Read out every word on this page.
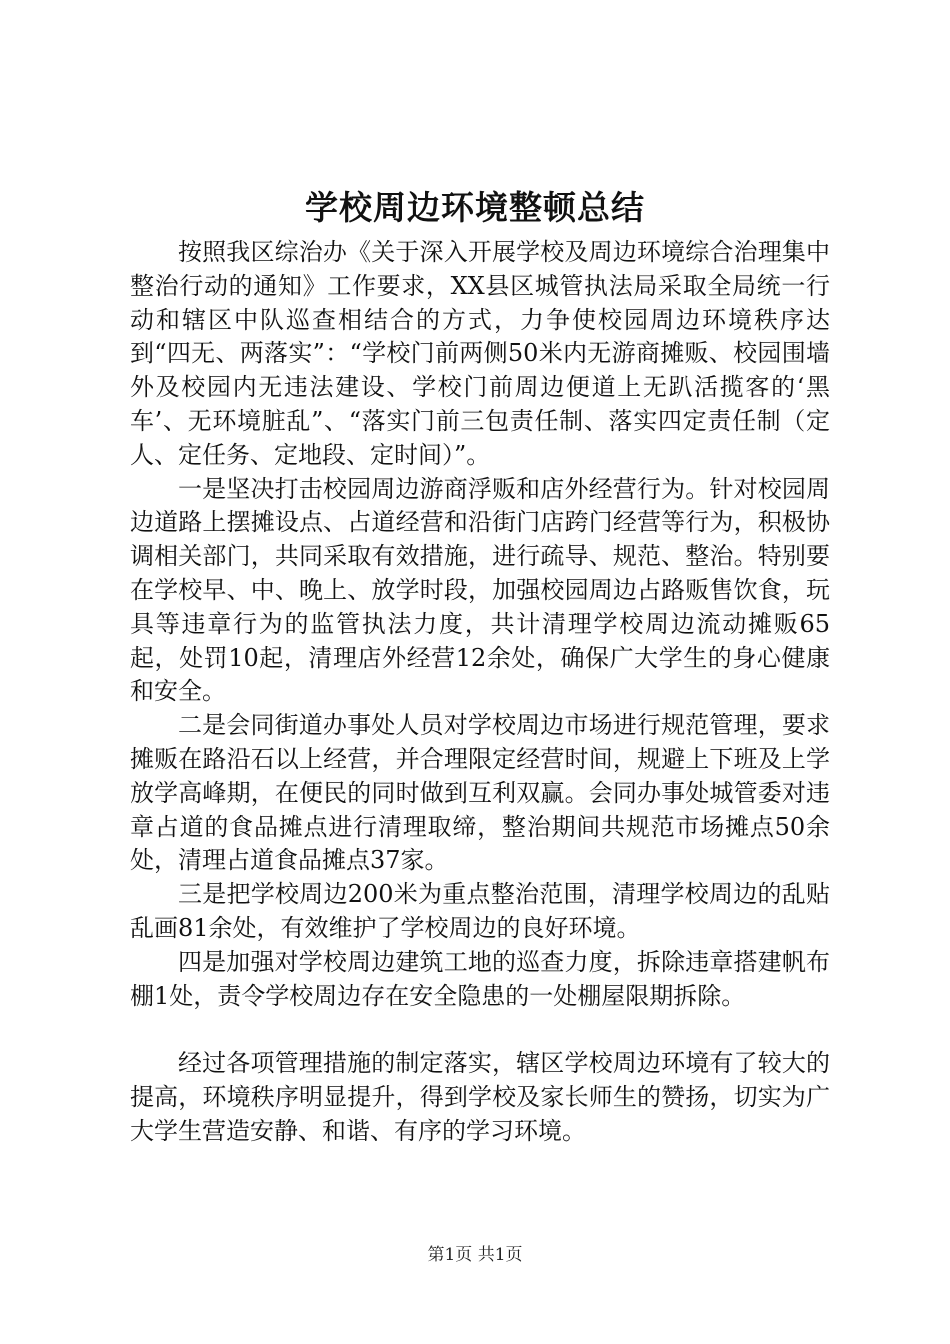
学校周边环境整顿总结

按照我区综治办《关于深入开展学校及周边环境综合治理集中整治行动的通知》工作要求，XX县区城管执法局采取全局统一行动和辖区中队巡查相结合的方式，力争使校园周边环境秩序达到“四无、两落实”：“学校门前两侧50米内无游商摊贩、校园围墙外及校园内无违法建设、学校门前周边便道上无趴活揽客的‘黑车’、无环境脏乱”、“落实门前三包责任制、落实四定责任制（定人、定任务、定地段、定时间）”。

一是坚决打击校园周边游商浮贩和店外经营行为。针对校园周边道路上摆摊设点、占道经营和沿街门店跨门经营等行为，积极协调相关部门，共同采取有效措施，进行疏导、规范、整治。特别要在学校早、中、晚上、放学时段，加强校园周边占路贩售饮食，玩具等违章行为的监管执法力度，共计清理学校周边流动摊贩65起，处罚10起，清理店外经营12余处，确保广大学生的身心健康和安全。

二是会同街道办事处人员对学校周边市场进行规范管理，要求摊贩在路沿石以上经营，并合理限定经营时间，规避上下班及上学放学高峰期，在便民的同时做到互利双赢。会同办事处城管委对违章占道的食品摊点进行清理取缔，整治期间共规范市场摊点50余处，清理占道食品摊点37家。

三是把学校周边200米为重点整治范围，清理学校周边的乱贴乱画81余处，有效维护了学校周边的良好环境。

四是加强对学校周边建筑工地的巡查力度，拆除违章搭建帆布棚1处，责令学校周边存在安全隐患的一处棚屋限期拆除。

经过各项管理措施的制定落实，辖区学校周边环境有了较大的提高，环境秩序明显提升，得到学校及家长师生的赞扬，切实为广大学生营造安静、和谐、有序的学习环境。

第1页 共1页
